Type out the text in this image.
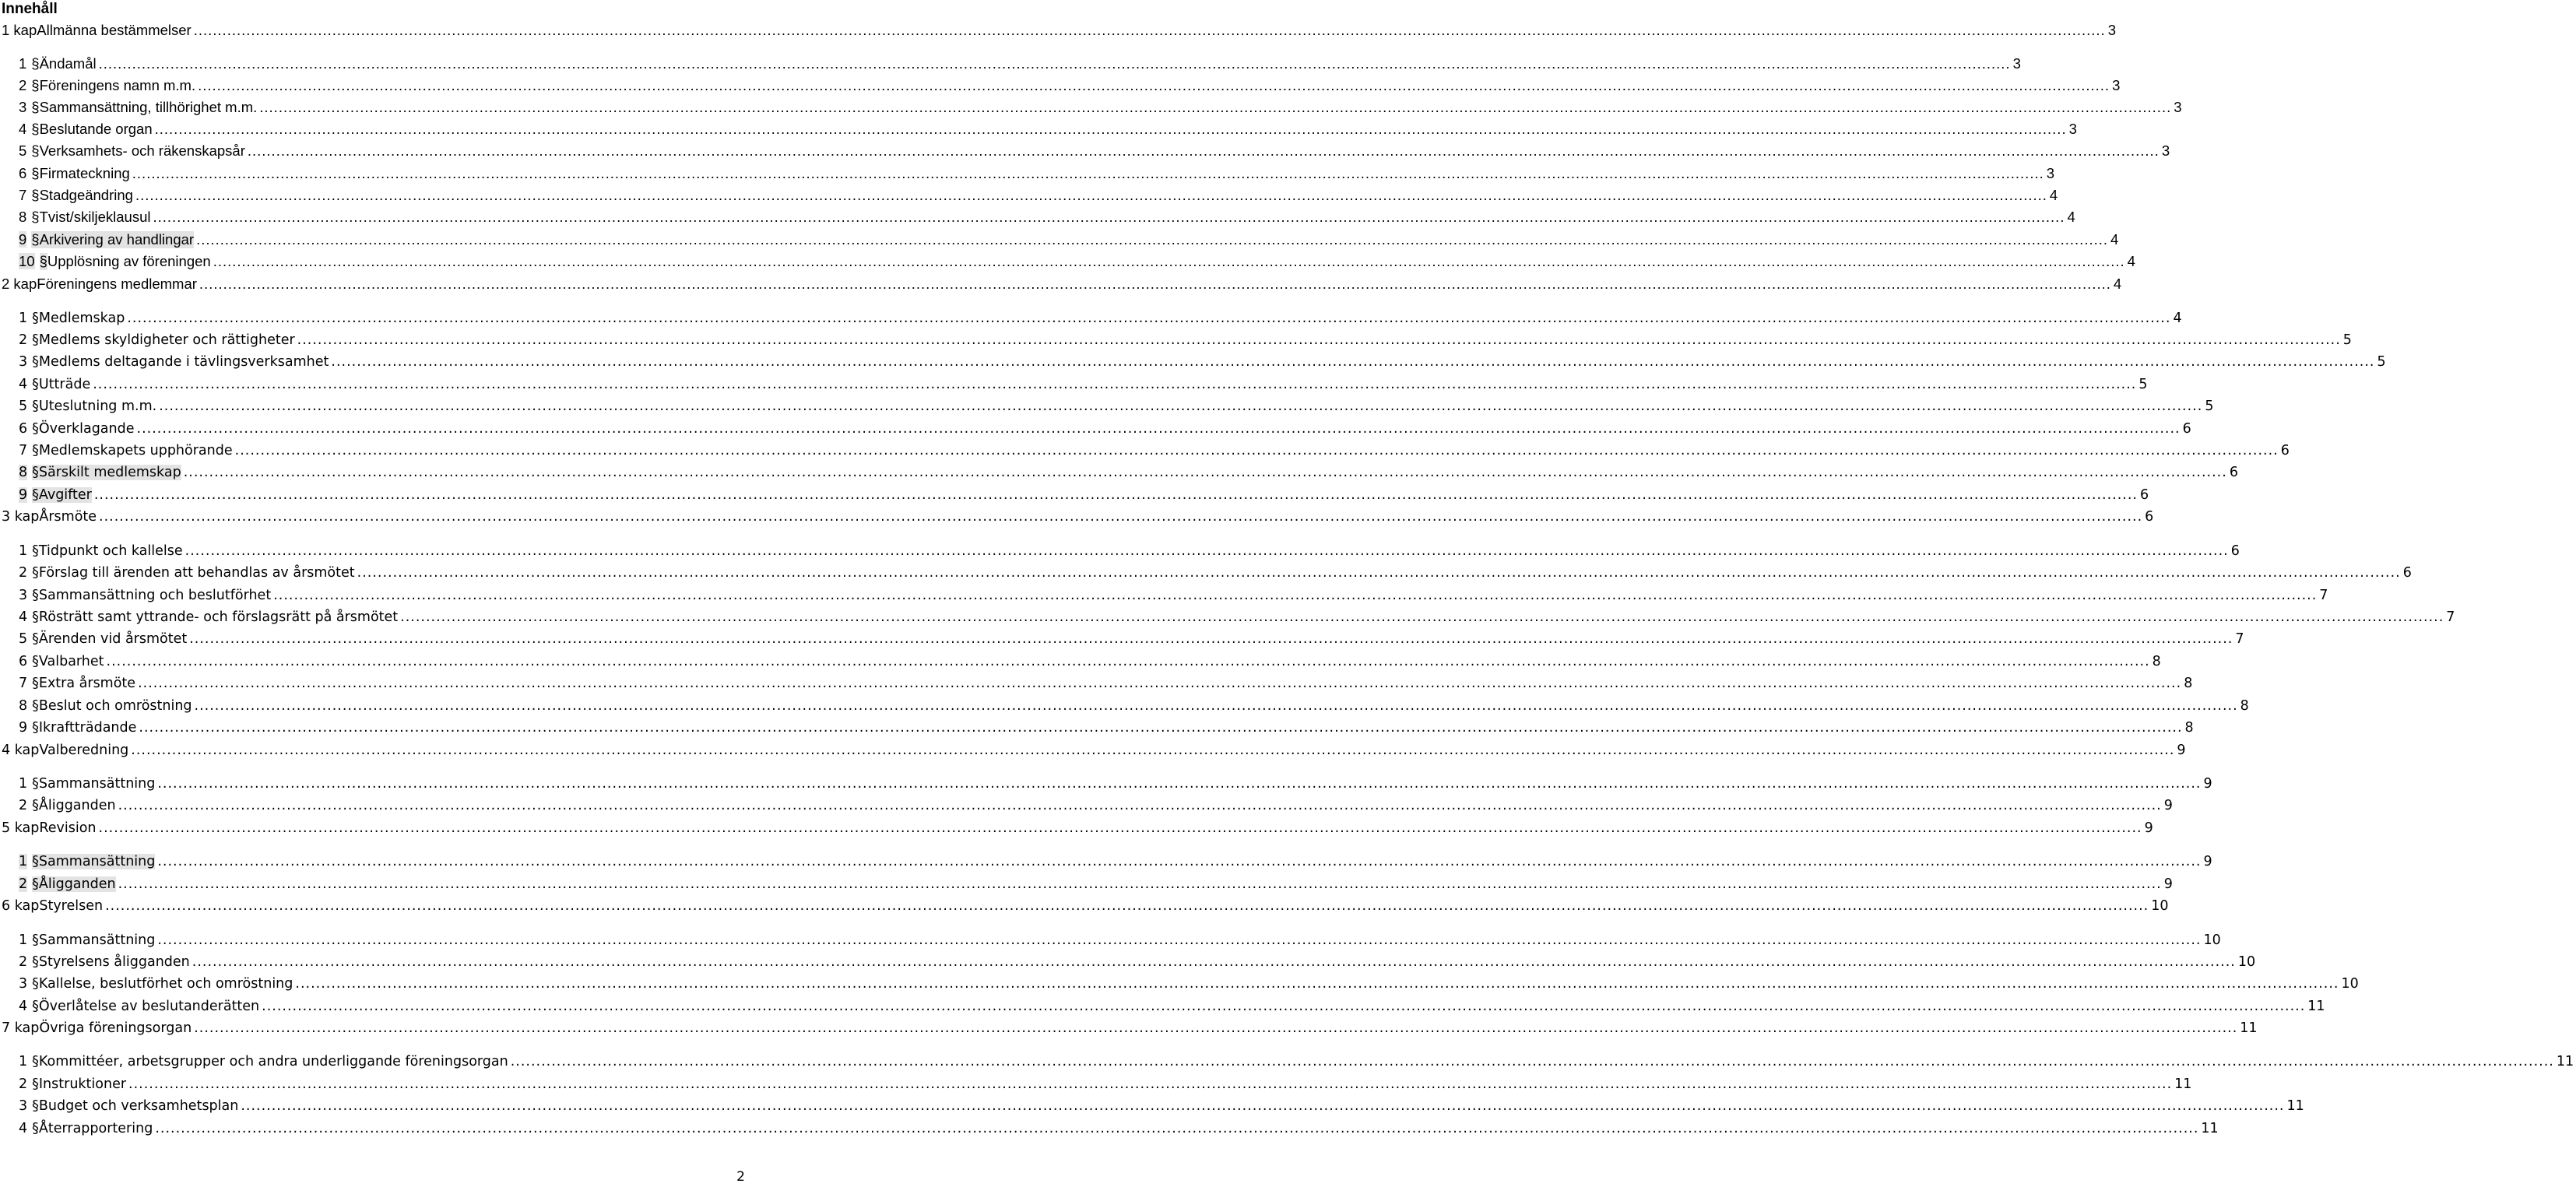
Innehåll
1 kap Allmänna bestämmelser ................................................................................................................................................................................................................................................................................................................................................................................................................ 3
1 § Ändamål ................................................................................................................................................................................................................................................................................................................................................................................................................ 3
2 § Föreningens namn m.m. ................................................................................................................................................................................................................................................................................................................................................................................................................ 3
3 § Sammansättning, tillhörighet m.m. ................................................................................................................................................................................................................................................................................................................................................................................................................ 3
4 § Beslutande organ ................................................................................................................................................................................................................................................................................................................................................................................................................ 3
5 § Verksamhets- och räkenskapsår ................................................................................................................................................................................................................................................................................................................................................................................................................ 3
6 § Firmateckning ................................................................................................................................................................................................................................................................................................................................................................................................................ 3
7 § Stadgeändring ................................................................................................................................................................................................................................................................................................................................................................................................................ 4
8 § Tvist/skiljeklausul ................................................................................................................................................................................................................................................................................................................................................................................................................ 4
9 § Arkivering av handlingar ................................................................................................................................................................................................................................................................................................................................................................................................................ 4
10 § Upplösning av föreningen ................................................................................................................................................................................................................................................................................................................................................................................................................ 4
2 kap Föreningens medlemmar ................................................................................................................................................................................................................................................................................................................................................................................................................ 4
1 § Medlemskap ................................................................................................................................................................................................................................................................................................................................................................................................................ 4
2 § Medlems skyldigheter och rättigheter ................................................................................................................................................................................................................................................................................................................................................................................................................ 5
3 § Medlems deltagande i tävlingsverksamhet ................................................................................................................................................................................................................................................................................................................................................................................................................ 5
4 § Utträde ................................................................................................................................................................................................................................................................................................................................................................................................................ 5
5 § Uteslutning m.m. ................................................................................................................................................................................................................................................................................................................................................................................................................ 5
6 § Överklagande ................................................................................................................................................................................................................................................................................................................................................................................................................ 6
7 § Medlemskapets upphörande ................................................................................................................................................................................................................................................................................................................................................................................................................ 6
8 § Särskilt medlemskap ................................................................................................................................................................................................................................................................................................................................................................................................................ 6
9 § Avgifter ................................................................................................................................................................................................................................................................................................................................................................................................................ 6
3 kap Årsmöte ................................................................................................................................................................................................................................................................................................................................................................................................................ 6
1 § Tidpunkt och kallelse ................................................................................................................................................................................................................................................................................................................................................................................................................ 6
2 § Förslag till ärenden att behandlas av årsmötet ................................................................................................................................................................................................................................................................................................................................................................................................................ 6
3 § Sammansättning och beslutförhet ................................................................................................................................................................................................................................................................................................................................................................................................................ 7
4 § Rösträtt samt yttrande- och förslagsrätt på årsmötet ................................................................................................................................................................................................................................................................................................................................................................................................................ 7
5 § Ärenden vid årsmötet ................................................................................................................................................................................................................................................................................................................................................................................................................ 7
6 § Valbarhet ................................................................................................................................................................................................................................................................................................................................................................................................................ 8
7 § Extra årsmöte ................................................................................................................................................................................................................................................................................................................................................................................................................ 8
8 § Beslut och omröstning ................................................................................................................................................................................................................................................................................................................................................................................................................ 8
9 § Ikraftträdande ................................................................................................................................................................................................................................................................................................................................................................................................................ 8
4 kap Valberedning ................................................................................................................................................................................................................................................................................................................................................................................................................ 9
1 § Sammansättning ................................................................................................................................................................................................................................................................................................................................................................................................................ 9
2 § Åligganden ................................................................................................................................................................................................................................................................................................................................................................................................................ 9
5 kap Revision ................................................................................................................................................................................................................................................................................................................................................................................................................ 9
1 § Sammansättning ................................................................................................................................................................................................................................................................................................................................................................................................................ 9
2 § Åligganden ................................................................................................................................................................................................................................................................................................................................................................................................................ 9
6 kap Styrelsen ................................................................................................................................................................................................................................................................................................................................................................................................................ 10
1 § Sammansättning ................................................................................................................................................................................................................................................................................................................................................................................................................ 10
2 § Styrelsens åligganden ................................................................................................................................................................................................................................................................................................................................................................................................................ 10
3 § Kallelse, beslutförhet och omröstning ................................................................................................................................................................................................................................................................................................................................................................................................................ 10
4 § Överlåtelse av beslutanderätten ................................................................................................................................................................................................................................................................................................................................................................................................................ 11
7 kap Övriga föreningsorgan ................................................................................................................................................................................................................................................................................................................................................................................................................ 11
1 § Kommittéer, arbetsgrupper och andra underliggande föreningsorgan ................................................................................................................................................................................................................................................................................................................................................................................................................ 11
2 § Instruktioner ................................................................................................................................................................................................................................................................................................................................................................................................................ 11
3 § Budget och verksamhetsplan ................................................................................................................................................................................................................................................................................................................................................................................................................ 11
4 § Återrapportering ................................................................................................................................................................................................................................................................................................................................................................................................................ 11
2
